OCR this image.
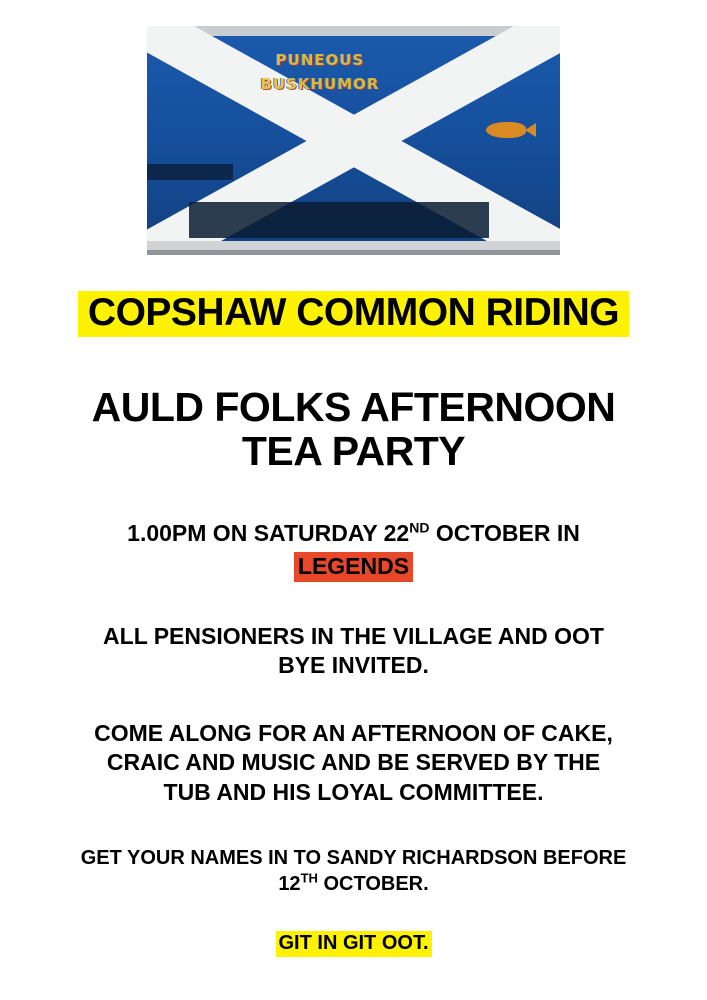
PUNEOUS
BUSKHUMOR
COPSHAW COMMON RIDING
AULD FOLKS AFTERNOON
TEA PARTY
1.00PM ON SATURDAY 22ND OCTOBER IN
LEGENDS
ALL PENSIONERS IN THE VILLAGE AND OOT
BYE INVITED.
COME ALONG FOR AN AFTERNOON OF CAKE,
CRAIC AND MUSIC AND BE SERVED BY THE
TUB AND HIS LOYAL COMMITTEE.
GET YOUR NAMES IN TO SANDY RICHARDSON BEFORE
12TH OCTOBER.
GIT IN GIT OOT.
